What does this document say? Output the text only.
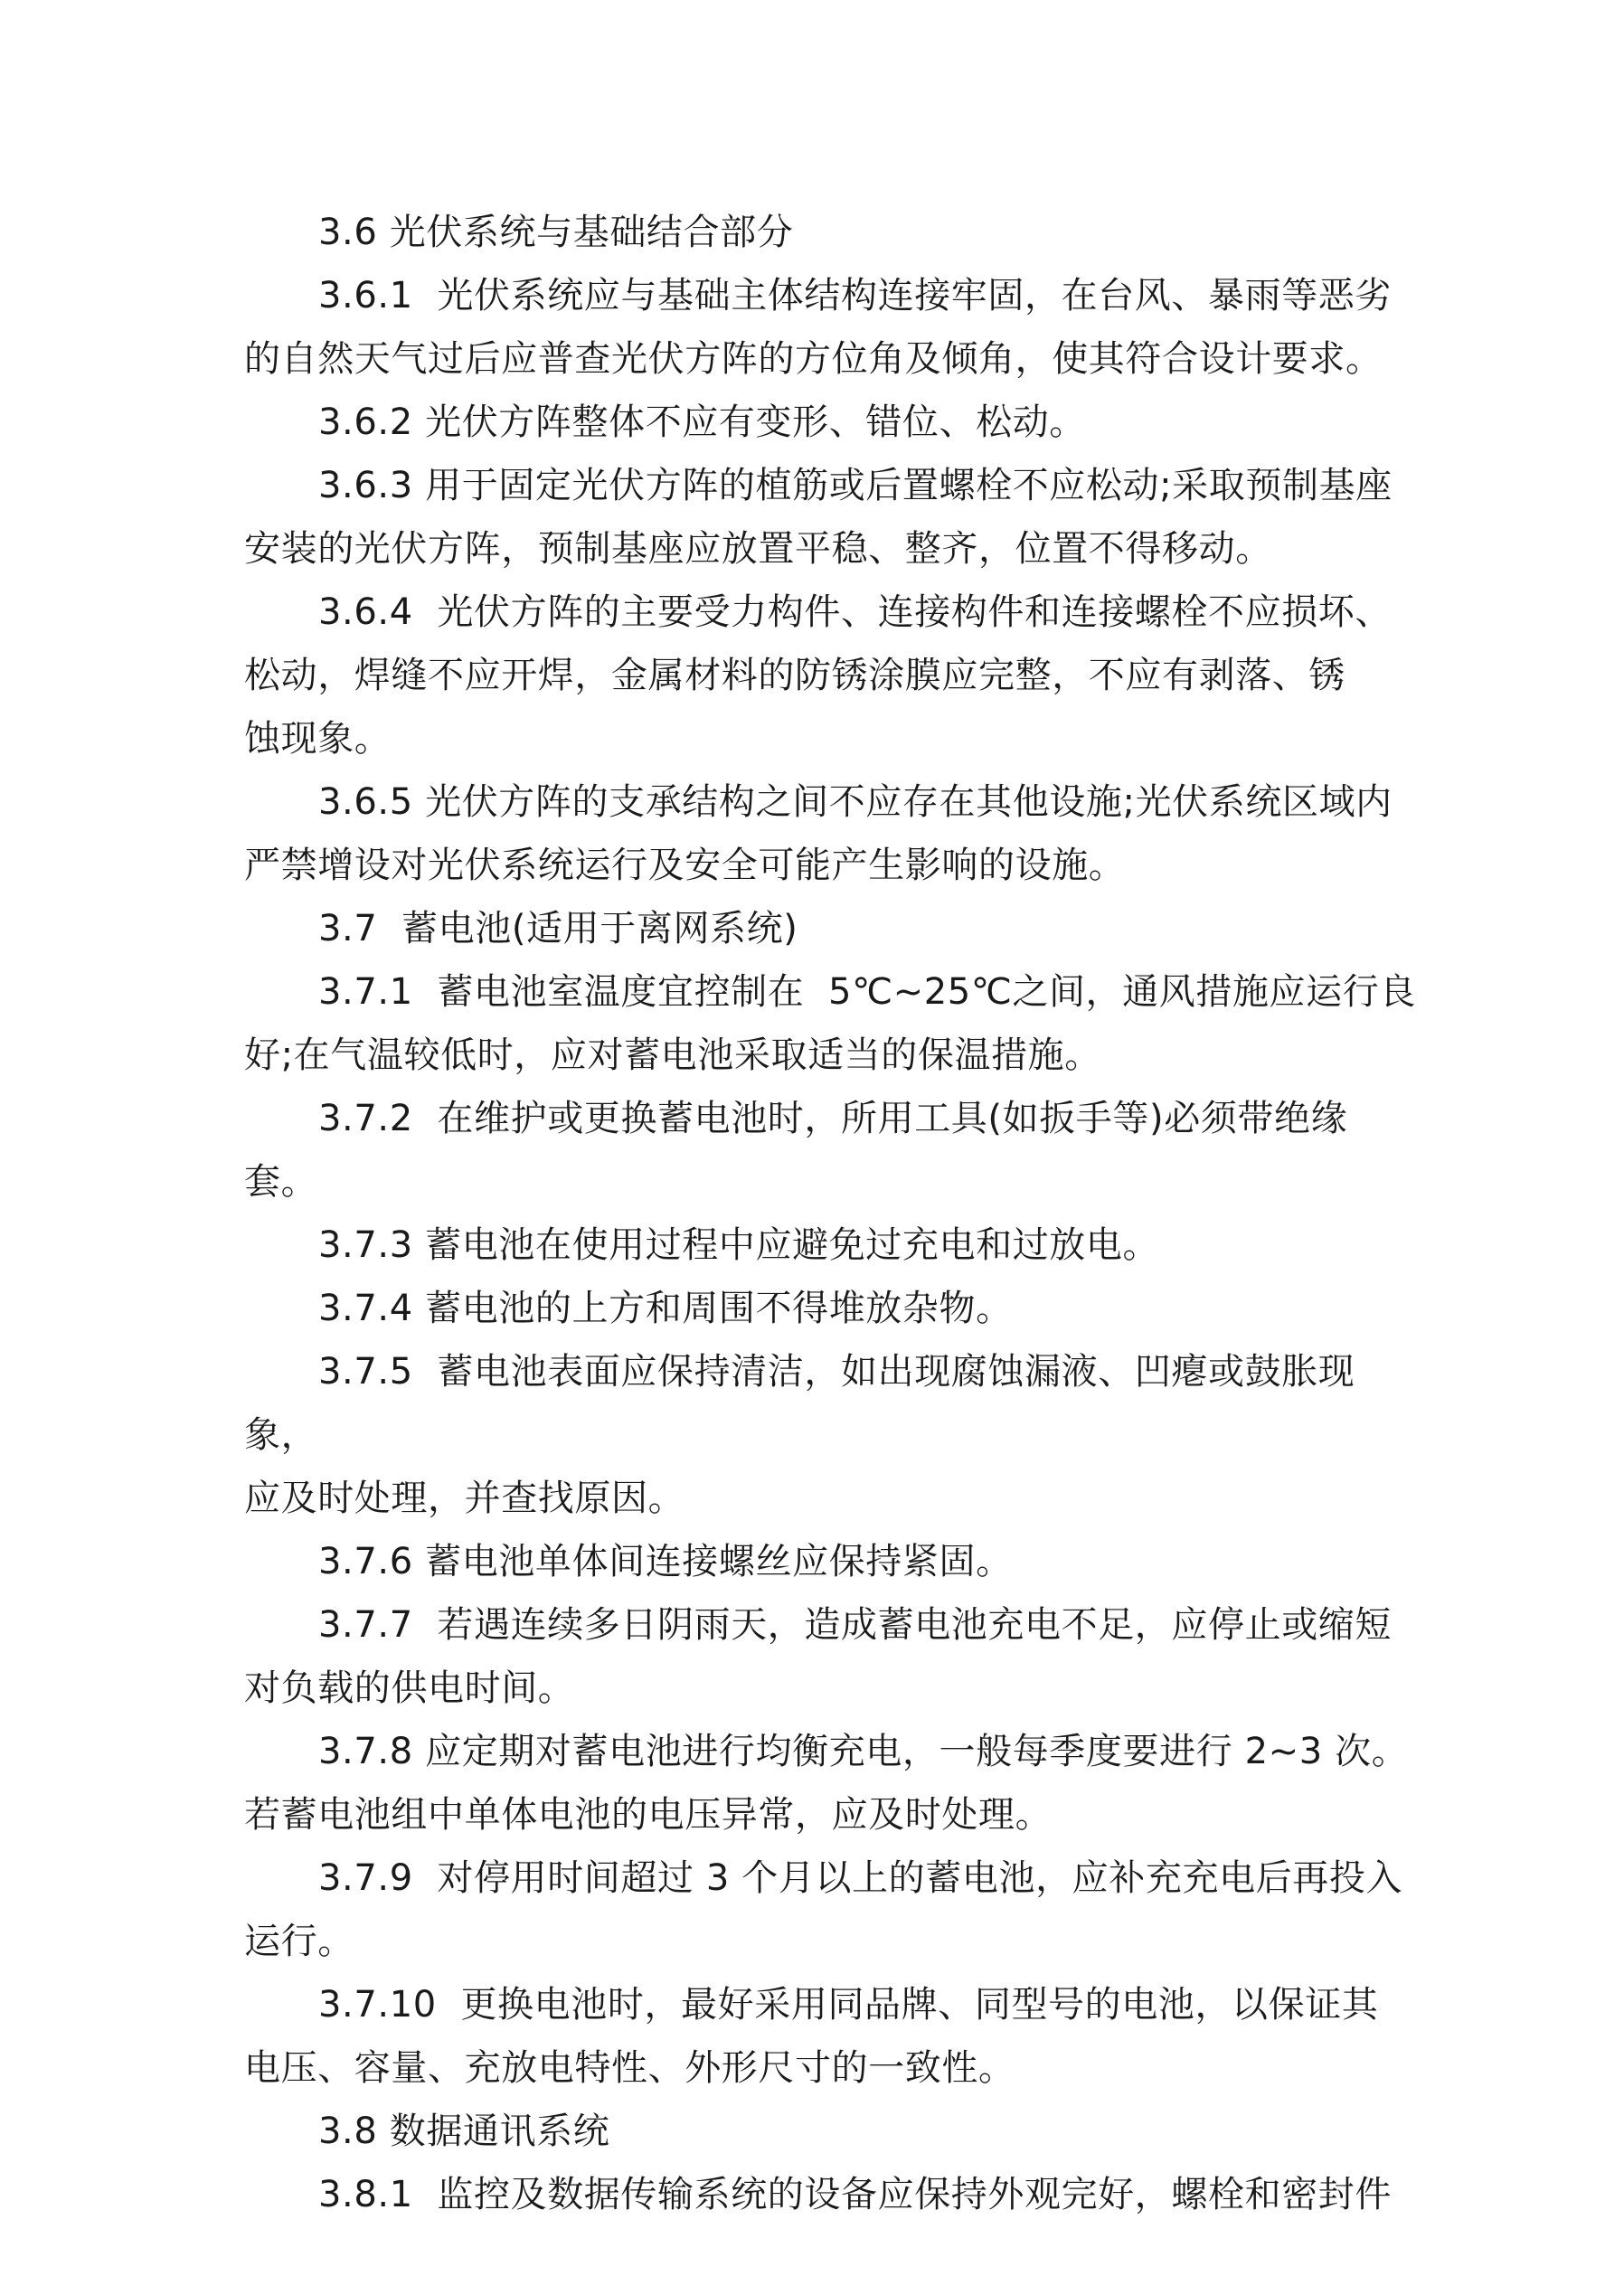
3.6 光伏系统与基础结合部分
3.6.1  光伏系统应与基础主体结构连接牢固，在台风、暴雨等恶劣
的自然天气过后应普查光伏方阵的方位角及倾角，使其符合设计要求。
3.6.2 光伏方阵整体不应有变形、错位、松动。
3.6.3 用于固定光伏方阵的植筋或后置螺栓不应松动;采取预制基座
安装的光伏方阵，预制基座应放置平稳、整齐，位置不得移动。
3.6.4  光伏方阵的主要受力构件、连接构件和连接螺栓不应损坏、
松动，焊缝不应开焊，金属材料的防锈涂膜应完整，不应有剥落、锈
蚀现象。
3.6.5 光伏方阵的支承结构之间不应存在其他设施;光伏系统区域内
严禁增设对光伏系统运行及安全可能产生影响的设施。
3.7  蓄电池(适用于离网系统)
3.7.1  蓄电池室温度宜控制在  5℃~25℃之间，通风措施应运行良
好;在气温较低时，应对蓄电池采取适当的保温措施。
3.7.2  在维护或更换蓄电池时，所用工具(如扳手等)必须带绝缘套。
3.7.3 蓄电池在使用过程中应避免过充电和过放电。
3.7.4 蓄电池的上方和周围不得堆放杂物。
3.7.5  蓄电池表面应保持清洁，如出现腐蚀漏液、凹瘪或鼓胀现象，
应及时处理，并查找原因。
3.7.6 蓄电池单体间连接螺丝应保持紧固。
3.7.7  若遇连续多日阴雨天，造成蓄电池充电不足，应停止或缩短
对负载的供电时间。
3.7.8 应定期对蓄电池进行均衡充电，一般每季度要进行 2~3 次。
若蓄电池组中单体电池的电压异常，应及时处理。
3.7.9  对停用时间超过 3 个月以上的蓄电池，应补充充电后再投入
运行。
3.7.10  更换电池时，最好采用同品牌、同型号的电池，以保证其
电压、容量、充放电特性、外形尺寸的一致性。
3.8 数据通讯系统
3.8.1  监控及数据传输系统的设备应保持外观完好，螺栓和密封件
